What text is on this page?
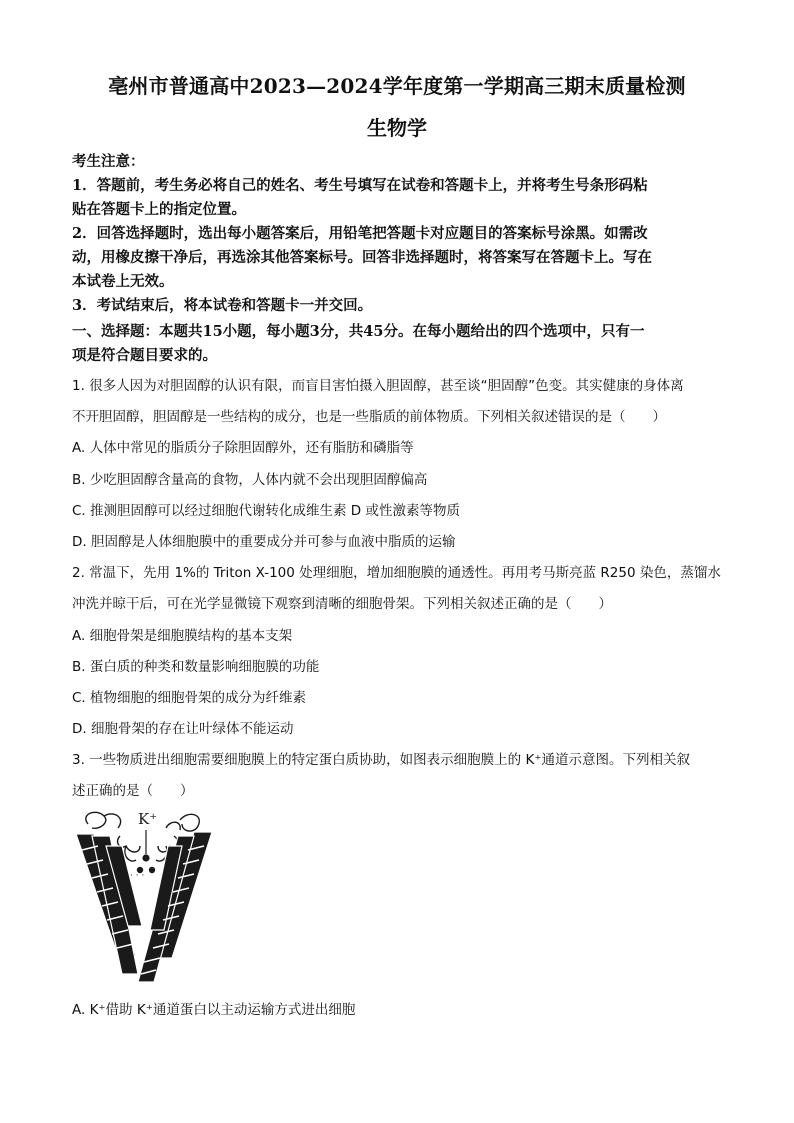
亳州市普通高中2023—2024学年度第一学期高三期末质量检测
生物学
考生注意：
1．答题前，考生务必将自己的姓名、考生号填写在试卷和答题卡上，并将考生号条形码粘
贴在答题卡上的指定位置。
2．回答选择题时，选出每小题答案后，用铅笔把答题卡对应题目的答案标号涂黑。如需改
动，用橡皮擦干净后，再选涂其他答案标号。回答非选择题时，将答案写在答题卡上。写在
本试卷上无效。
3．考试结束后，将本试卷和答题卡一并交回。
一、选择题：本题共15小题，每小题3分，共45分。在每小题给出的四个选项中，只有一
项是符合题目要求的。
1. 很多人因为对胆固醇的认识有限，而盲目害怕摄入胆固醇，甚至谈“胆固醇”色变。其实健康的身体离
不开胆固醇，胆固醇是一些结构的成分，也是一些脂质的前体物质。下列相关叙述错误的是（　　）
A. 人体中常见的脂质分子除胆固醇外，还有脂肪和磷脂等
B. 少吃胆固醇含量高的食物，人体内就不会出现胆固醇偏高
C. 推测胆固醇可以经过细胞代谢转化成维生素 D 或性激素等物质
D. 胆固醇是人体细胞膜中的重要成分并可参与血液中脂质的运输
2. 常温下，先用 1%的 Triton X-100 处理细胞，增加细胞膜的通透性。再用考马斯亮蓝 R250 染色，蒸馏水
冲洗并晾干后，可在光学显微镜下观察到清晰的细胞骨架。下列相关叙述正确的是（　　）
A. 细胞骨架是细胞膜结构的基本支架
B. 蛋白质的种类和数量影响细胞膜的功能
C. 植物细胞的细胞骨架的成分为纤维素
D. 细胞骨架的存在让叶绿体不能运动
3. 一些物质进出细胞需要细胞膜上的特定蛋白质协助，如图表示细胞膜上的 K⁺通道示意图。下列相关叙
述正确的是（　　）
K⁺
· · ·
A. K⁺借助 K⁺通道蛋白以主动运输方式进出细胞
